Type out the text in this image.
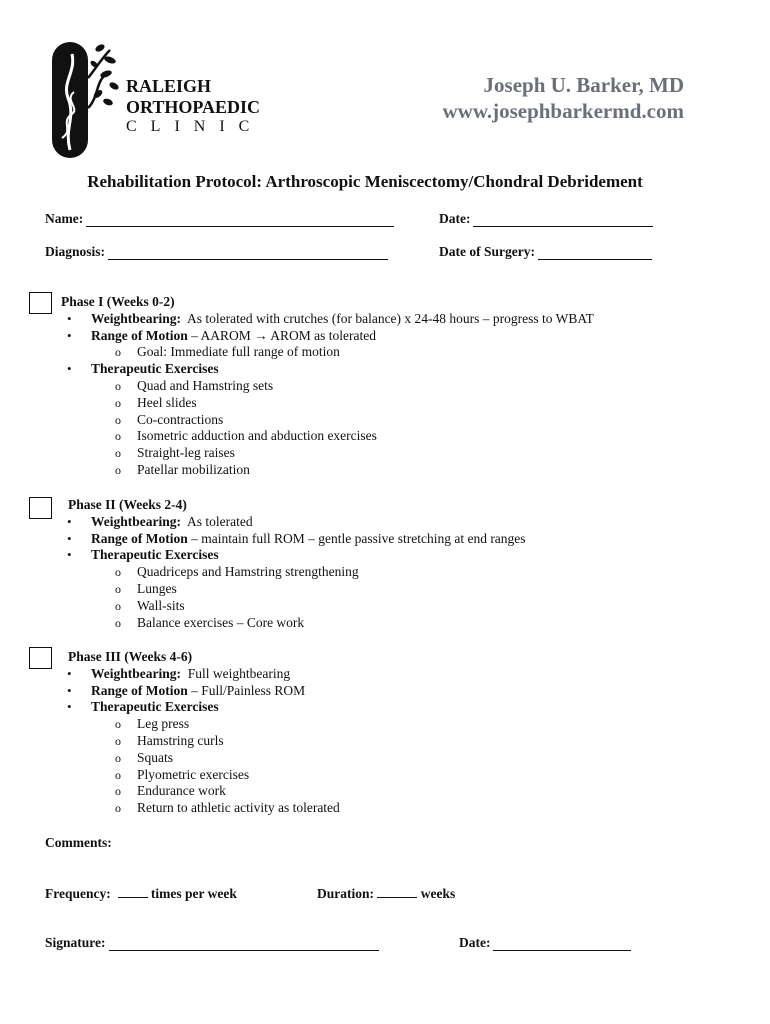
RALEIGH
ORTHOPAEDIC
CLINIC
Joseph U. Barker, MD
www.josephbarkermd.com
Rehabilitation Protocol: Arthroscopic Meniscectomy/Chondral Debridement
Name:	Date:
Diagnosis:	Date of Surgery:
Phase I (Weeks 0-2)
• Weightbearing: As tolerated with crutches (for balance) x 24-48 hours – progress to WBAT
• Range of Motion – AAROM → AROM as tolerated
o Goal: Immediate full range of motion
• Therapeutic Exercises
o Quad and Hamstring sets
o Heel slides
o Co-contractions
o Isometric adduction and abduction exercises
o Straight-leg raises
o Patellar mobilization
Phase II (Weeks 2-4)
• Weightbearing: As tolerated
• Range of Motion – maintain full ROM – gentle passive stretching at end ranges
• Therapeutic Exercises
o Quadriceps and Hamstring strengthening
o Lunges
o Wall-sits
o Balance exercises – Core work
Phase III (Weeks 4-6)
• Weightbearing: Full weightbearing
• Range of Motion – Full/Painless ROM
• Therapeutic Exercises
o Leg press
o Hamstring curls
o Squats
o Plyometric exercises
o Endurance work
o Return to athletic activity as tolerated
Comments:
Frequency:	times per week	Duration:	weeks
Signature:	Date:
